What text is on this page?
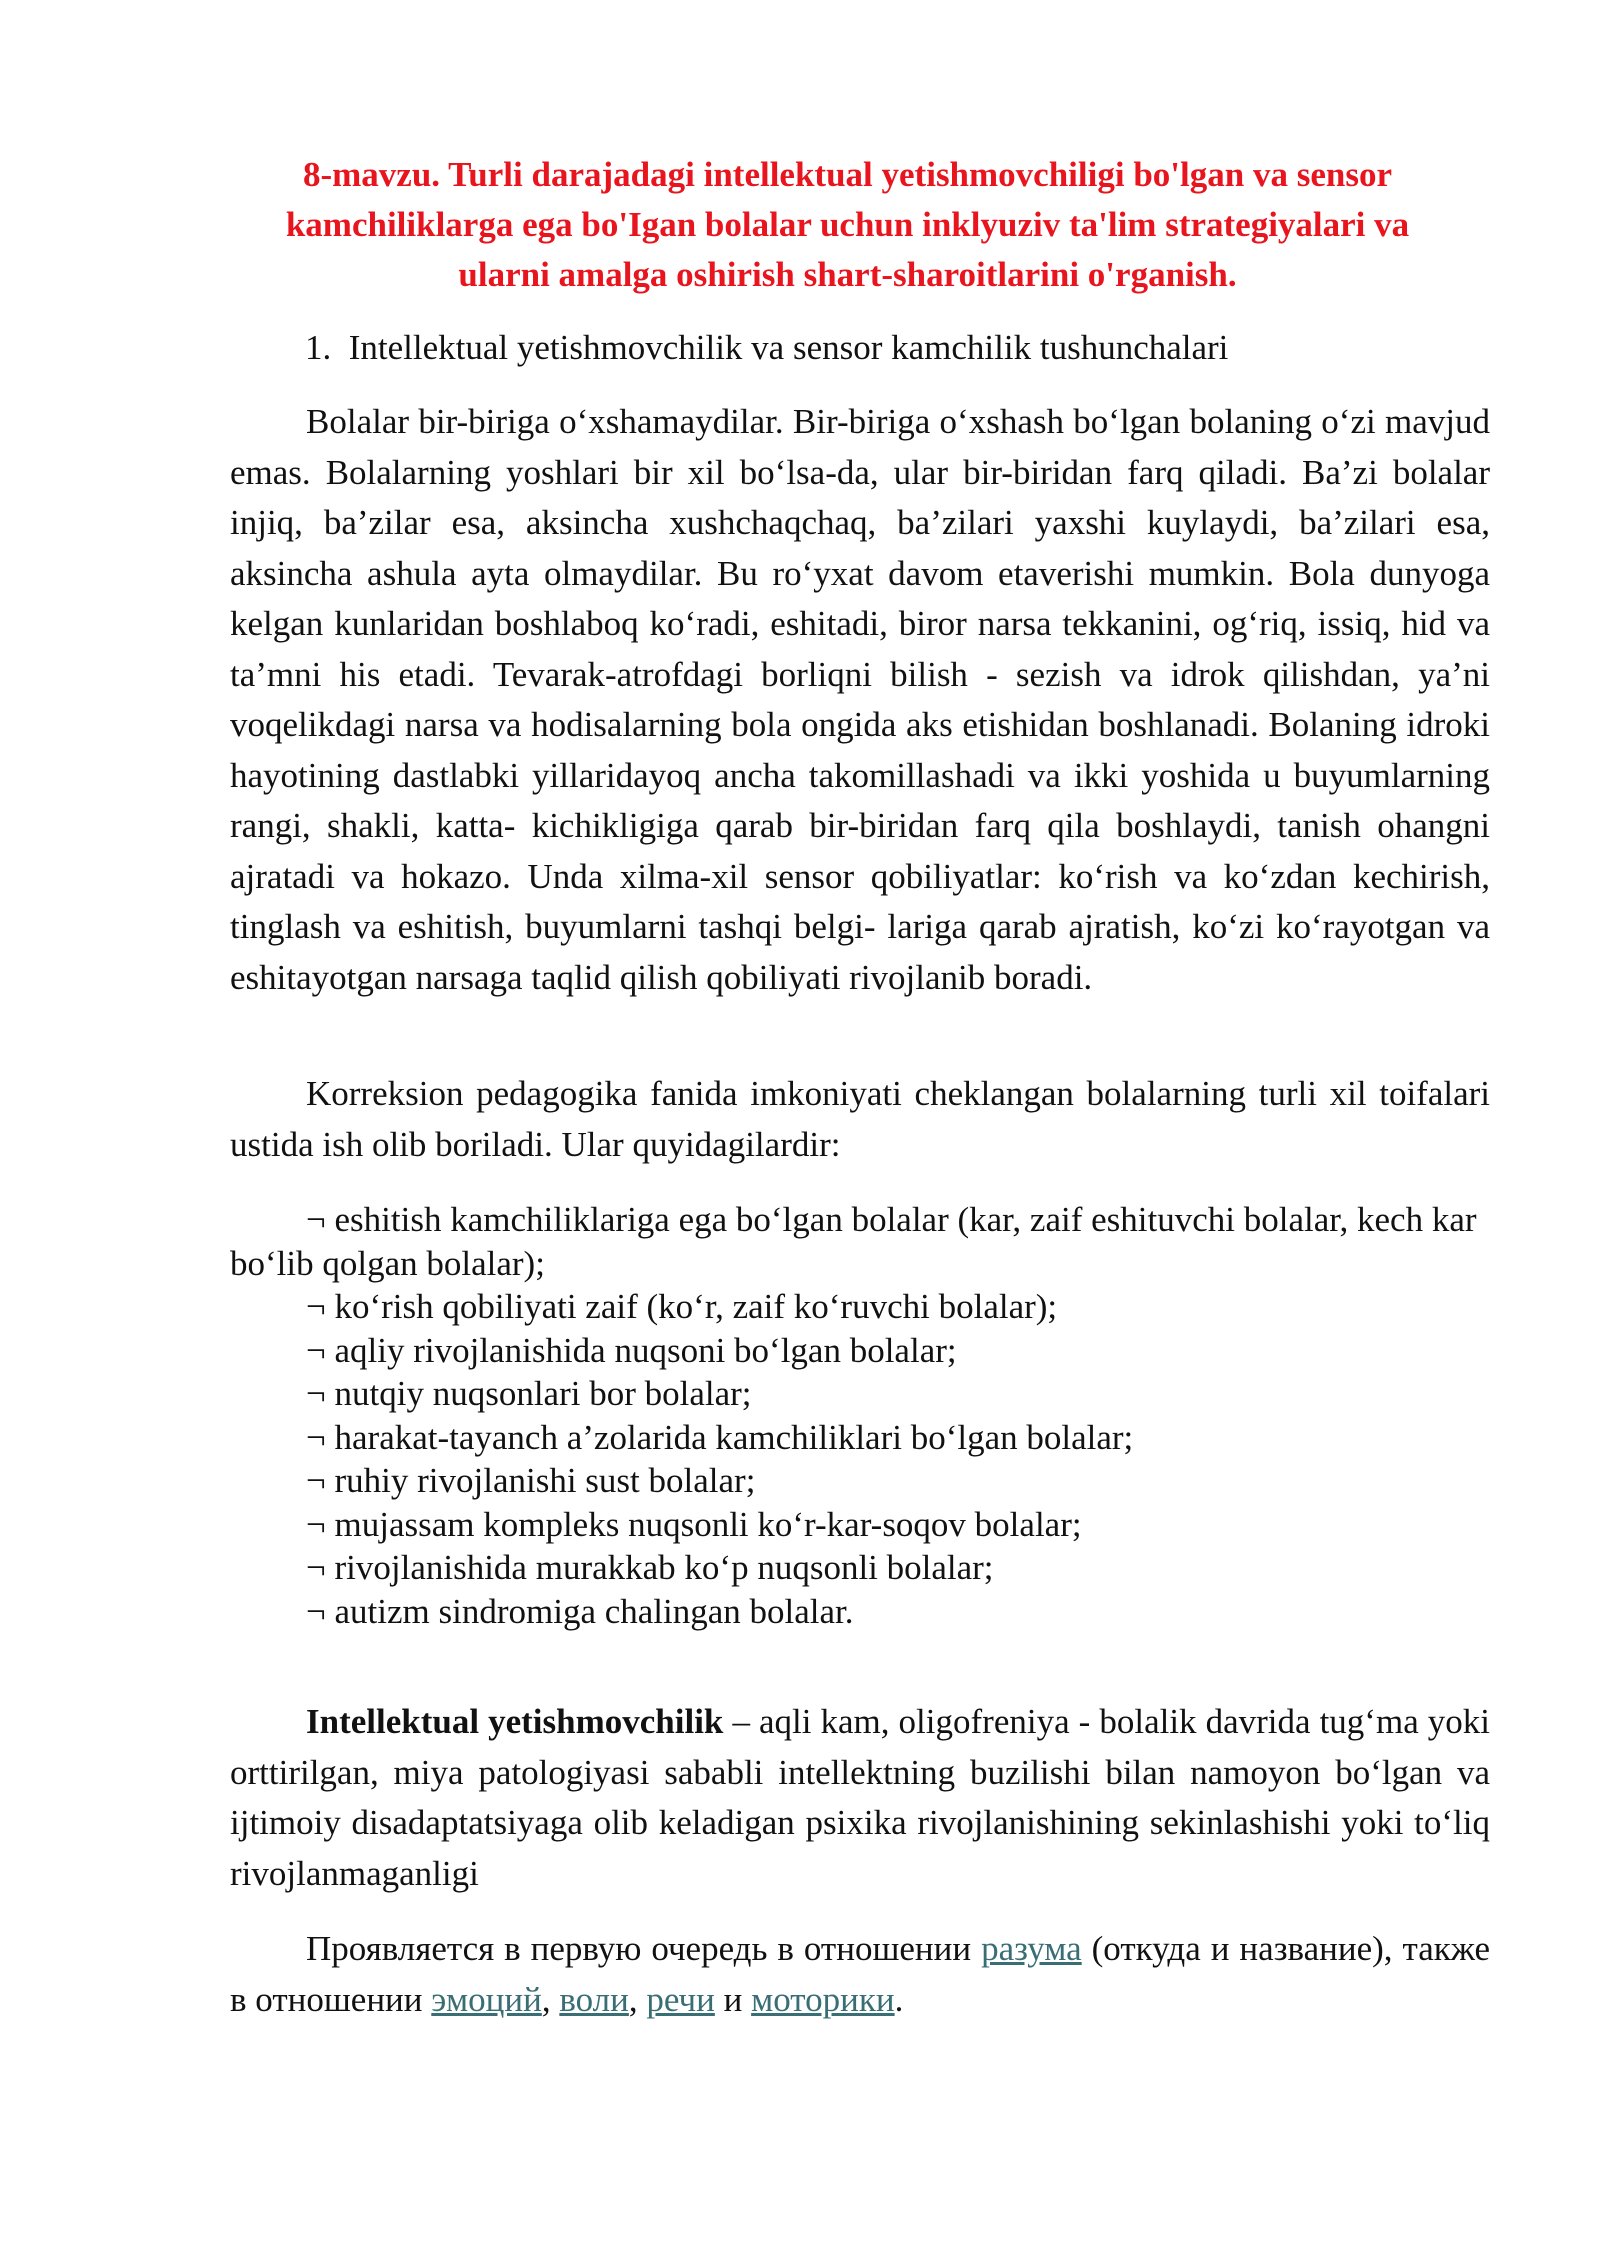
8-mavzu. Turli darajadagi intellektual yetishmovchiligi bo'lgan va sensor
kamchiliklarga ega bo'Igan bolalar uchun inklyuziv ta'lim strategiyalari va
ularni amalga oshirish shart-sharoitlarini o'rganish.
1. Intellektual yetishmovchilik va sensor kamchilik tushunchalari
Bolalar bir-biriga o‘xshamaydilar. Bir-biriga o‘xshash bo‘lgan bolaning o‘zi mavjud emas. Bolalarning yoshlari bir xil bo‘lsa-da, ular bir-biridan farq qiladi. Ba’zi bolalar injiq, ba’zilar esa, aksincha xushchaqchaq, ba’zilari yaxshi kuylaydi, ba’zilari esa, aksincha ashula ayta olmaydilar. Bu ro‘yxat davom etaverishi mumkin. Bola dunyoga kelgan kunlaridan boshlaboq ko‘radi, eshitadi, biror narsa tekkanini, og‘riq, issiq, hid va ta’mni his etadi. Tevarak-atrofdagi borliqni bilish - sezish va idrok qilishdan, ya’ni voqelikdagi narsa va hodisalarning bola ongida aks etishidan boshlanadi. Bolaning idroki hayotining dastlabki yillaridayoq ancha takomillashadi va ikki yoshida u buyumlarning rangi, shakli, katta- kichikligiga qarab bir-biridan farq qila boshlaydi, tanish ohangni ajratadi va hokazo. Unda xilma-xil sensor qobiliyatlar: ko‘rish va ko‘zdan kechirish, tinglash va eshitish, buyumlarni tashqi belgi- lariga qarab ajratish, ko‘zi ko‘rayotgan va eshitayotgan narsaga taqlid qilish qobiliyati rivojlanib boradi.
Korreksion pedagogika fanida imkoniyati cheklangan bolalarning turli xil toifalari ustida ish olib boriladi. Ular quyidagilardir:
¬ eshitish kamchiliklariga ega bo‘lgan bolalar (kar, zaif eshituvchi bolalar, kech kar bo‘lib qolgan bolalar);
¬ ko‘rish qobiliyati zaif (ko‘r, zaif ko‘ruvchi bolalar);
¬ aqliy rivojlanishida nuqsoni bo‘lgan bolalar;
¬ nutqiy nuqsonlari bor bolalar;
¬ harakat-tayanch a’zolarida kamchiliklari bo‘lgan bolalar;
¬ ruhiy rivojlanishi sust bolalar;
¬ mujassam kompleks nuqsonli ko‘r-kar-soqov bolalar;
¬ rivojlanishida murakkab ko‘p nuqsonli bolalar;
¬ autizm sindromiga chalingan bolalar.
Intellektual yetishmovchilik – aqli kam, oligofreniya - bolalik davrida tug‘ma yoki orttirilgan, miya patologiyasi sababli intellektning buzilishi bilan namoyon bo‘lgan va ijtimoiy disadaptatsiyaga olib keladigan psixika rivojlanishining sekinlashishi yoki to‘liq rivojlanmaganligi
Проявляется в первую очередь в отношении разума (откуда и название), также в отношении эмоций, воли, речи и моторики.
